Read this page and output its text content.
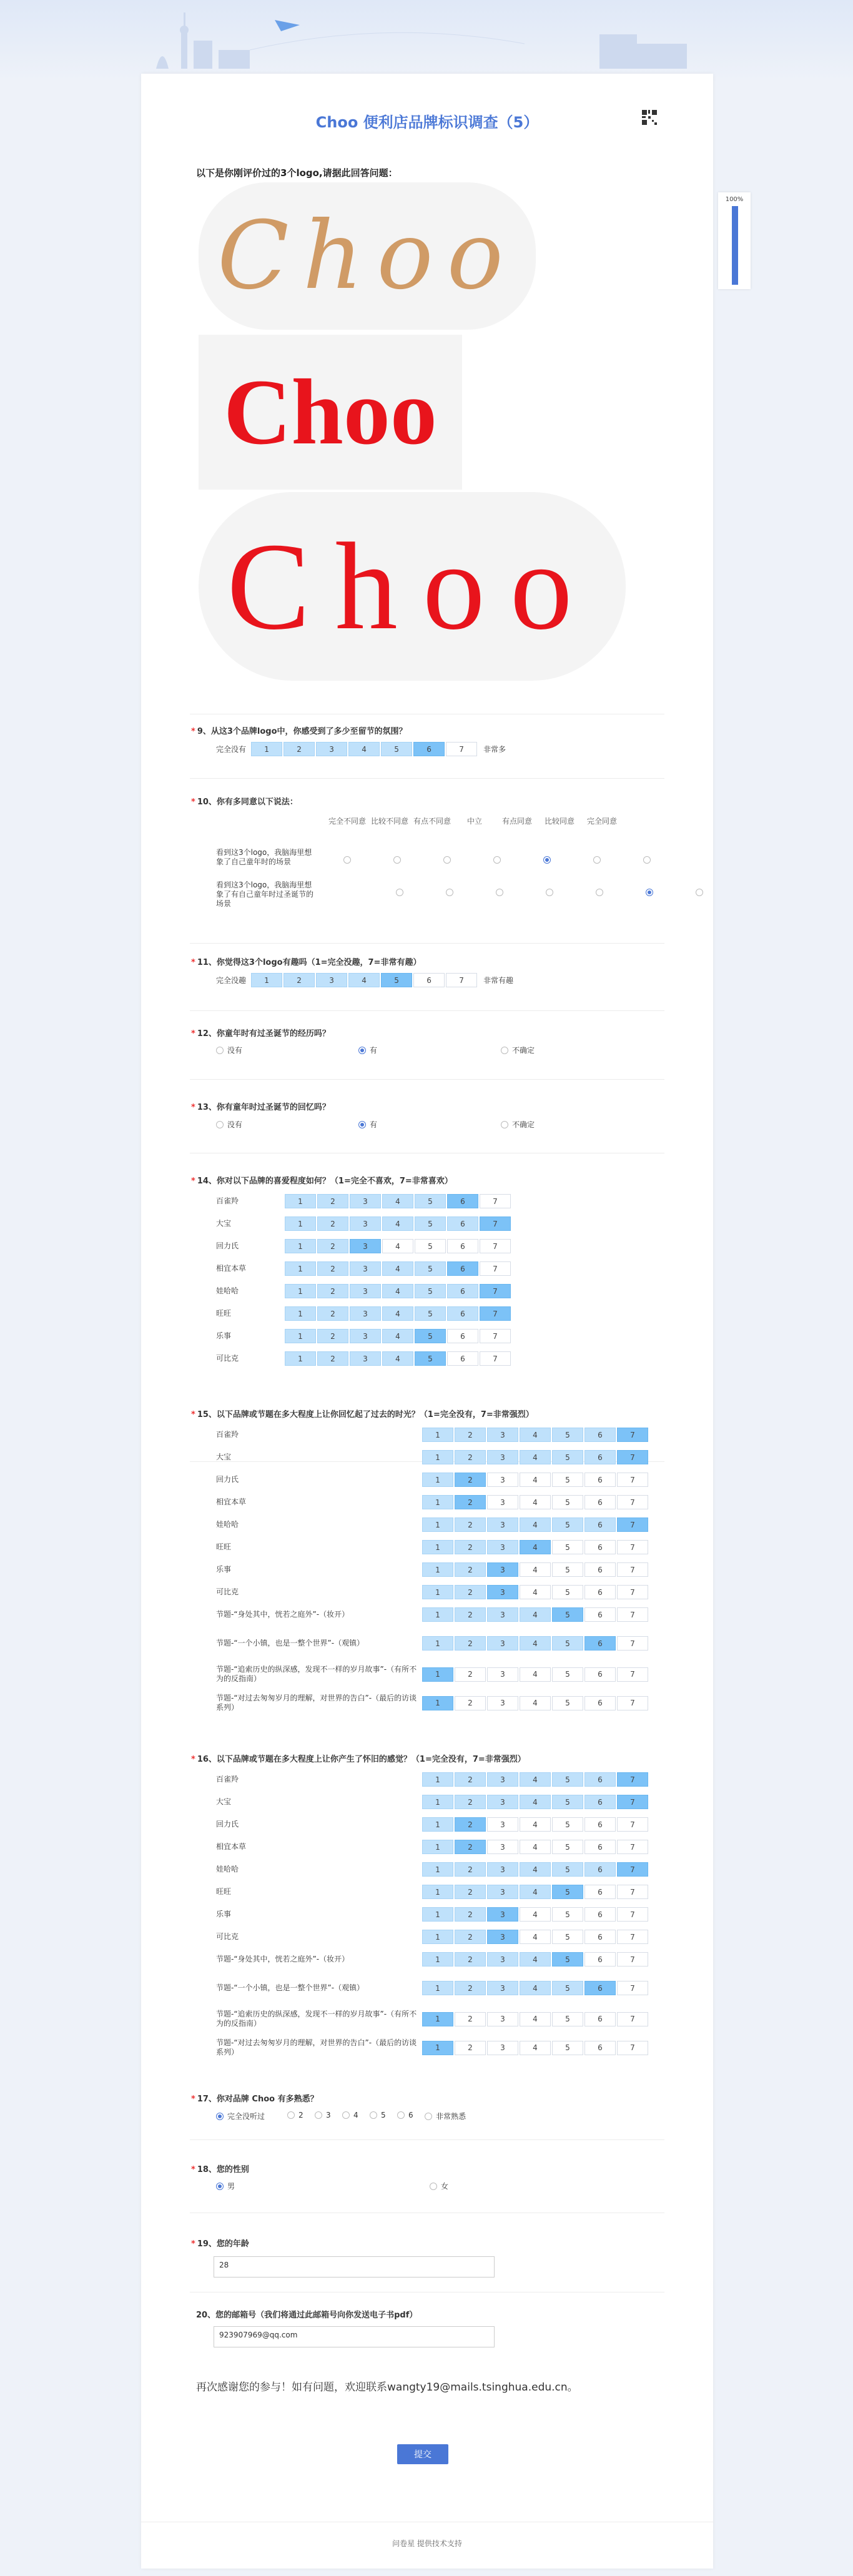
Choo 便利店品牌标识调查（5）
以下是你刚评价过的3个logo,请据此回答问题：
Choo
Choo
Choo
* 9、从这3个品牌logo中，你感受到了多少至留节的氛围？
完全没有	1	2	3	4	5	6	7	非常多
* 10、你有多同意以下说法：
完全不同意 比较不同意 有点不同意	中立	有点同意	比较同意	完全同意
看到这3个logo，我脑海里想象了自己童年时的场景
看到这3个logo，我脑海里想象了有自己童年时过圣诞节的场景
* 11、你觉得这3个logo有趣吗（1=完全没趣，7=非常有趣）
完全没趣	1	2	3	4	5	6	7	非常有趣
* 12、你童年时有过圣诞节的经历吗？
没有	有	不确定
* 13、你有童年时过圣诞节的回忆吗？
没有	有	不确定
* 14、你对以下品牌的喜爱程度如何？（1=完全不喜欢，7=非常喜欢）
百雀羚	1	2	3	4	5	6	7
大宝	1	2	3	4	5	6	7
回力氏	1	2	3	4	5	6	7
相宜本草	1	2	3	4	5	6	7
娃哈哈	1	2	3	4	5	6	7
旺旺	1	2	3	4	5	6	7
乐事	1	2	3	4	5	6	7
可比克	1	2	3	4	5	6	7
* 15、以下品牌或节题在多大程度上让你回忆起了过去的时光？（1=完全没有，7=非常强烈）
百雀羚	1	2	3	4	5	6	7
大宝	1	2	3	4	5	6	7
回力氏	1	2	3	4	5	6	7
相宜本草	1	2	3	4	5	6	7
娃哈哈	1	2	3	4	5	6	7
旺旺	1	2	3	4	5	6	7
乐事	1	2	3	4	5	6	7
可比克	1	2	3	4	5	6	7
节题-“身处其中，恍若之庭外”-（妆开）	1	2	3	4	5	6	7
节题-“一个小镇，也是一整个世界”-（观镇）	1	2	3	4	5	6	7
节题-“追索历史的纵深感，发现不一样的岁月故事”-（有所不为的反指南）	1	2	3	4	5	6	7
节题-“对过去匆匆岁月的理解，对世界的告白”-（最后的访谈系列）	1	2	3	4	5	6	7
* 16、以下品牌或节题在多大程度上让你产生了怀旧的感觉？（1=完全没有，7=非常强烈）
百雀羚	1	2	3	4	5	6	7
大宝	1	2	3	4	5	6	7
回力氏	1	2	3	4	5	6	7
相宜本草	1	2	3	4	5	6	7
娃哈哈	1	2	3	4	5	6	7
旺旺	1	2	3	4	5	6	7
乐事	1	2	3	4	5	6	7
可比克	1	2	3	4	5	6	7
节题-“身处其中，恍若之庭外”-（妆开）	1	2	3	4	5	6	7
节题-“一个小镇，也是一整个世界”-（观镇）	1	2	3	4	5	6	7
节题-“追索历史的纵深感，发现不一样的岁月故事”-（有所不为的反指南）	1	2	3	4	5	6	7
节题-“对过去匆匆岁月的理解，对世界的告白”-（最后的访谈系列）	1	2	3	4	5	6	7
* 17、你对品牌 Choo 有多熟悉？
完全没听过	2	3	4	5	6	非常熟悉
* 18、您的性别
男	女
* 19、您的年龄
28
20、您的邮箱号（我们将通过此邮箱号向你发送电子书pdf）
923907969@qq.com
再次感谢您的参与！如有问题，欢迎联系wangty19@mails.tsinghua.edu.cn。
提交
问卷星 提供技术支持
100%
